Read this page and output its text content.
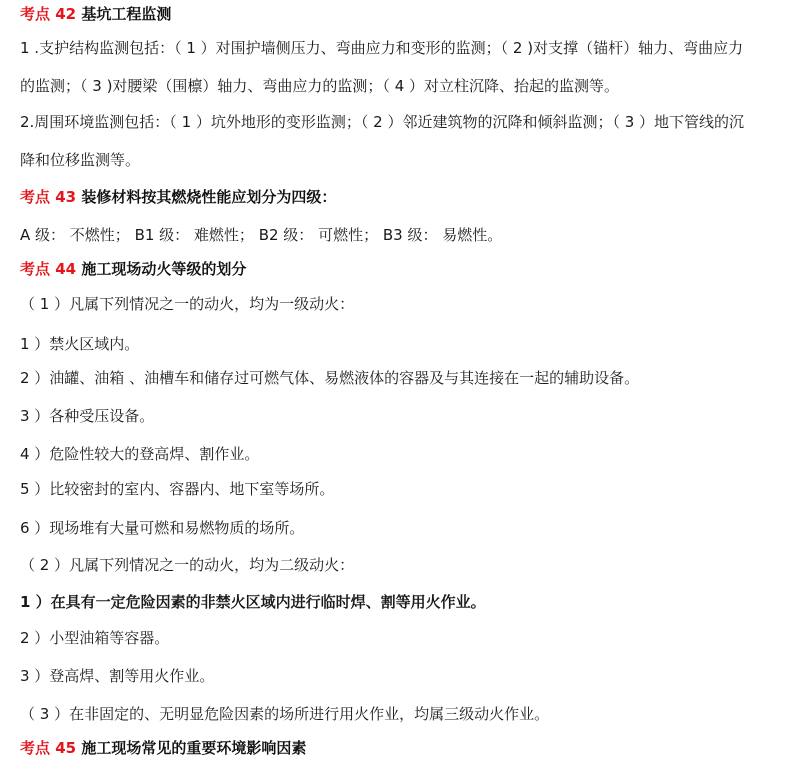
考点 42 基坑工程监测
1 .支护结构监测包括：（ 1 ）对围护墙侧压力、弯曲应力和变形的监测；（ 2 )对支撑（锚杆）轴力、弯曲应力
的监测；（ 3 )对腰梁（围檩）轴力、弯曲应力的监测；（ 4 ）对立柱沉降、抬起的监测等。
2.周围环境监测包括：（ 1 ）坑外地形的变形监测；（ 2 ）邻近建筑物的沉降和倾斜监测；（ 3 ）地下管线的沉
降和位移监测等。
考点 43 装修材料按其燃烧性能应划分为四级：
A 级： 不燃性； B1 级： 难燃性； B2 级： 可燃性； B3 级： 易燃性。
考点 44 施工现场动火等级的划分
（ 1 ）凡属下列情况之一的动火，均为一级动火：
1 ）禁火区域内。
2 ）油罐、油箱 、油槽车和储存过可燃气体、易燃液体的容器及与其连接在一起的辅助设备。
3 ）各种受压设备。
4 ）危险性较大的登高焊、割作业。
5 ）比较密封的室内、容器内、地下室等场所。
6 ）现场堆有大量可燃和易燃物质的场所。
（ 2 ）凡属下列情况之一的动火，均为二级动火：
1 ）在具有一定危险因素的非禁火区域内进行临时焊、割等用火作业。
2 ）小型油箱等容器。
3 ）登高焊、割等用火作业。
（ 3 ）在非固定的、无明显危险因素的场所进行用火作业，均属三级动火作业。
考点 45 施工现场常见的重要环境影响因素
